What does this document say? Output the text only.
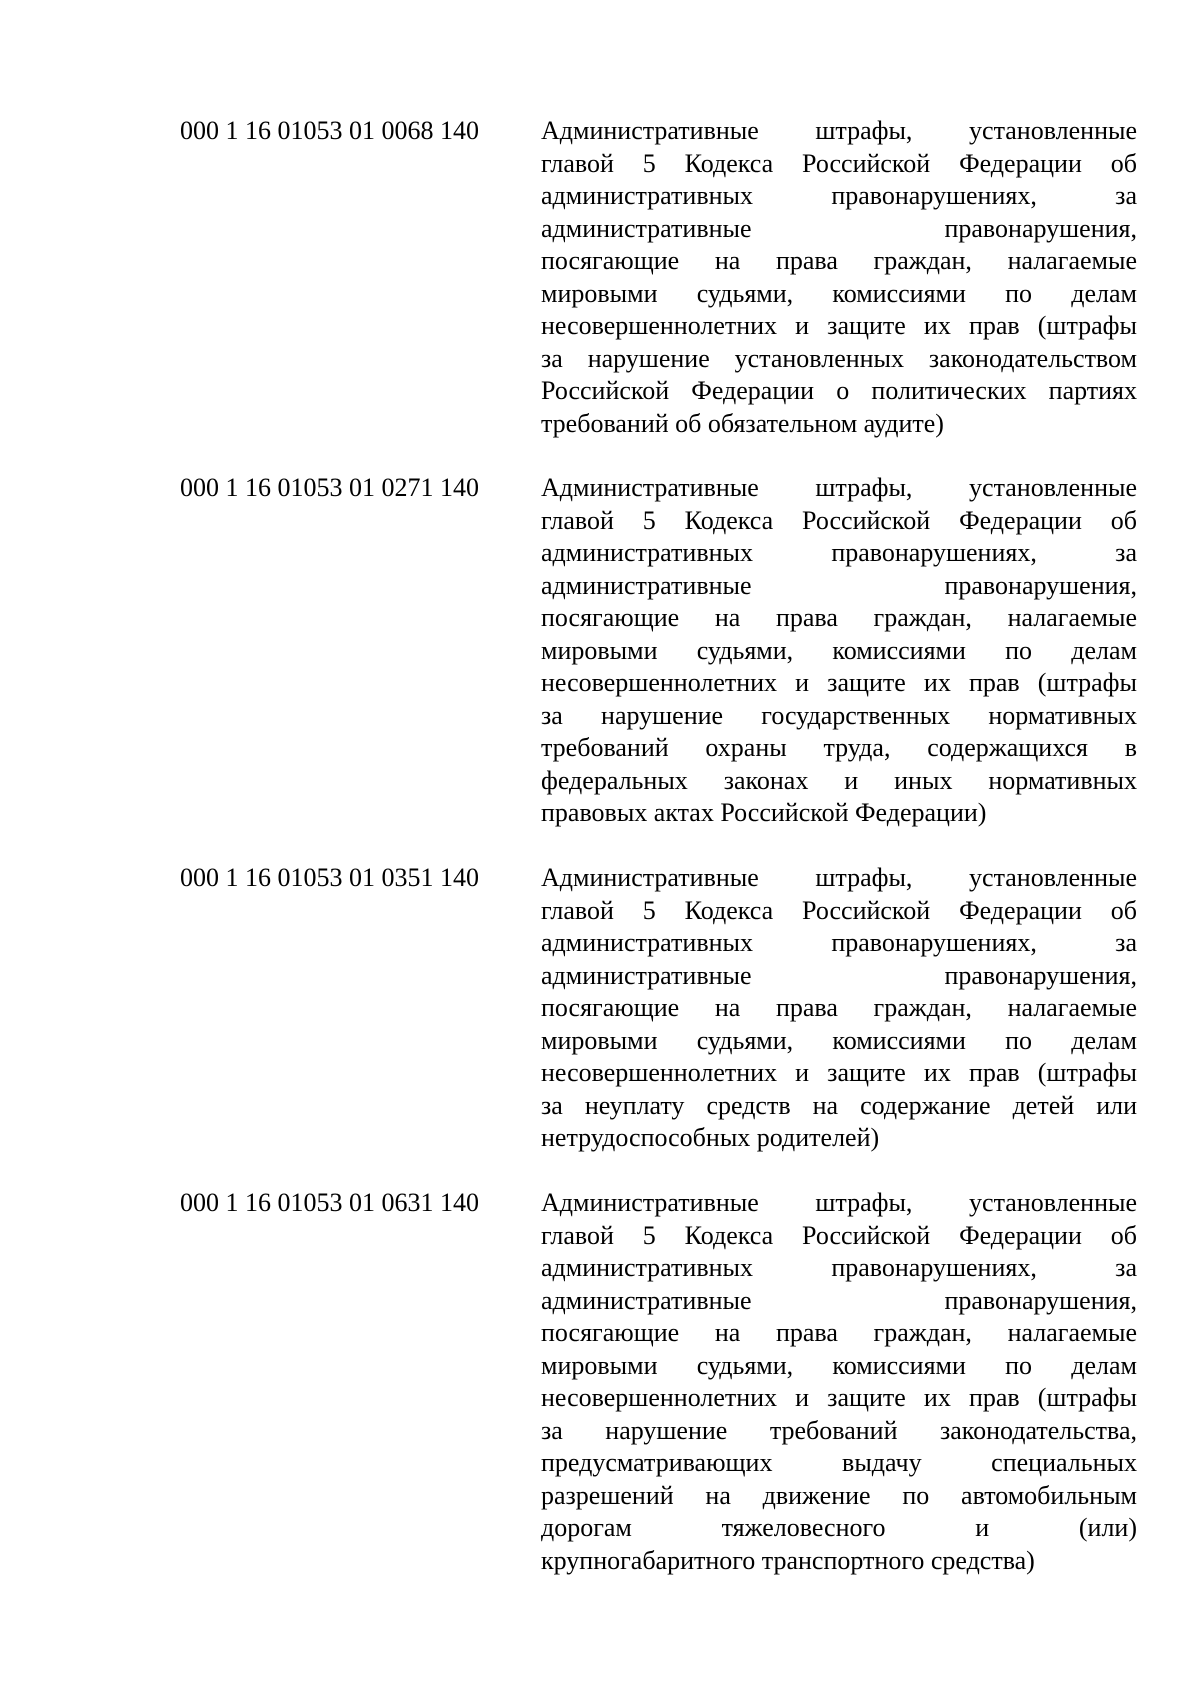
000 1 16 01053 01 0068 140	Административные штрафы, установленные
главой 5 Кодекса Российской Федерации об
административных правонарушениях, за
административные правонарушения,
посягающие на права граждан, налагаемые
мировыми судьями, комиссиями по делам
несовершеннолетних и защите их прав (штрафы
за нарушение установленных законодательством
Российской Федерации о политических партиях
требований об обязательном аудите)
000 1 16 01053 01 0271 140	Административные штрафы, установленные
главой 5 Кодекса Российской Федерации об
административных правонарушениях, за
административные правонарушения,
посягающие на права граждан, налагаемые
мировыми судьями, комиссиями по делам
несовершеннолетних и защите их прав (штрафы
за нарушение государственных нормативных
требований охраны труда, содержащихся в
федеральных законах и иных нормативных
правовых актах Российской Федерации)
000 1 16 01053 01 0351 140	Административные штрафы, установленные
главой 5 Кодекса Российской Федерации об
административных правонарушениях, за
административные правонарушения,
посягающие на права граждан, налагаемые
мировыми судьями, комиссиями по делам
несовершеннолетних и защите их прав (штрафы
за неуплату средств на содержание детей или
нетрудоспособных родителей)
000 1 16 01053 01 0631 140	Административные штрафы, установленные
главой 5 Кодекса Российской Федерации об
административных правонарушениях, за
административные правонарушения,
посягающие на права граждан, налагаемые
мировыми судьями, комиссиями по делам
несовершеннолетних и защите их прав (штрафы
за нарушение требований законодательства,
предусматривающих выдачу специальных
разрешений на движение по автомобильным
дорогам тяжеловесного и (или)
крупногабаритного транспортного средства)
